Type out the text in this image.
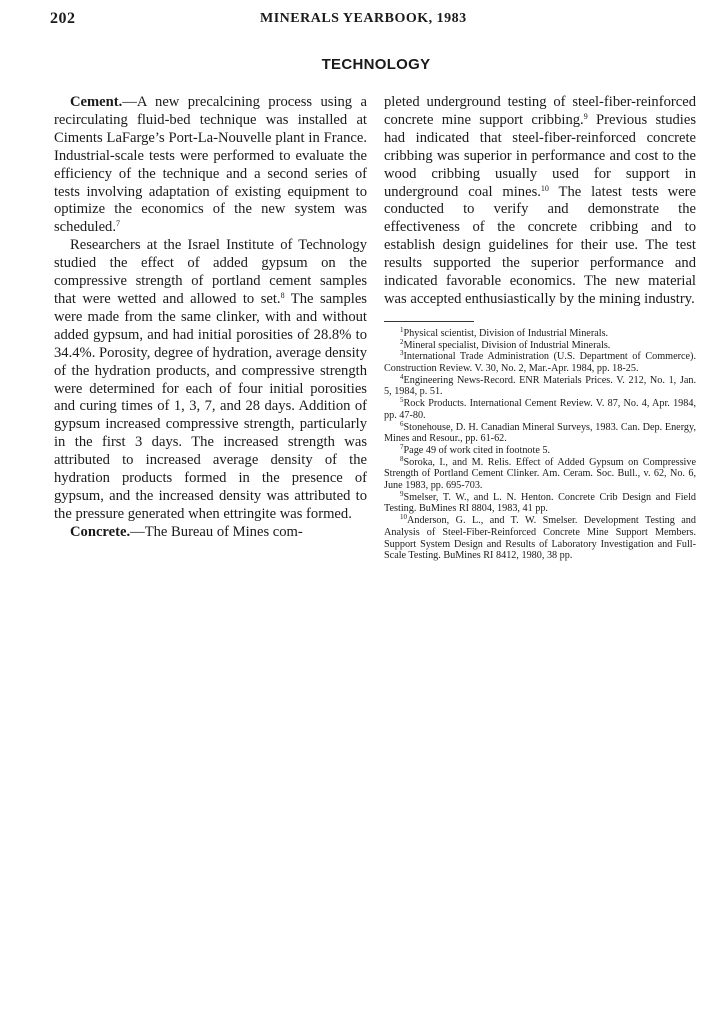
202	MINERALS YEARBOOK, 1983
TECHNOLOGY

Cement.—A new precalcining process using a recirculating fluid-bed technique was installed at Ciments LaFarge’s Port-La-Nouvelle plant in France. Industrial-scale tests were performed to evaluate the efficiency of the technique and a second series of tests involving adaptation of existing equipment to optimize the economics of the new system was scheduled.$^7$

Researchers at the Israel Institute of Technology studied the effect of added gypsum on the compressive strength of portland cement samples that were wetted and allowed to set.$^8$ The samples were made from the same clinker, with and without added gypsum, and had initial porosities of 28.8% to 34.4%. Porosity, degree of hydration, average density of the hydration products, and compressive strength were determined for each of four initial porosities and curing times of 1, 3, 7, and 28 days. Addition of gypsum increased compressive strength, particularly in the first 3 days. The increased strength was attributed to increased average density of the hydration products formed in the presence of gypsum, and the increased density was attributed to the pressure generated when ettringite was formed.

Concrete.—The Bureau of Mines com-

pleted underground testing of steel-fiber-reinforced concrete mine support cribbing.$^9$ Previous studies had indicated that steel-fiber-reinforced concrete cribbing was superior in performance and cost to the wood cribbing usually used for support in underground coal mines.$^{10}$ The latest tests were conducted to verify and demonstrate the effectiveness of the concrete cribbing and to establish design guidelines for their use. The test results supported the superior performance and indicated favorable economics. The new material was accepted enthusiastically by the mining industry.

$^1$Physical scientist, Division of Industrial Minerals.

$^2$Mineral specialist, Division of Industrial Minerals.

$^3$International Trade Administration (U.S. Department of Commerce). Construction Review. V. 30, No. 2, Mar.-Apr. 1984, pp. 18-25.

$^4$Engineering News-Record. ENR Materials Prices. V. 212, No. 1, Jan. 5, 1984, p. 51.

$^5$Rock Products. International Cement Review. V. 87, No. 4, Apr. 1984, pp. 47-80.

$^6$Stonehouse, D. H. Canadian Mineral Surveys, 1983. Can. Dep. Energy, Mines and Resour., pp. 61-62.

$^7$Page 49 of work cited in footnote 5.

$^8$Soroka, I., and M. Relis. Effect of Added Gypsum on Compressive Strength of Portland Cement Clinker. Am. Ceram. Soc. Bull., v. 62, No. 6, June 1983, pp. 695-703.

$^9$Smelser, T. W., and L. N. Henton. Concrete Crib Design and Field Testing. BuMines RI 8804, 1983, 41 pp.

$^{10}$Anderson, G. L., and T. W. Smelser. Development Testing and Analysis of Steel-Fiber-Reinforced Concrete Mine Support Members. Support System Design and Results of Laboratory Investigation and Full-Scale Testing. BuMines RI 8412, 1980, 38 pp.
